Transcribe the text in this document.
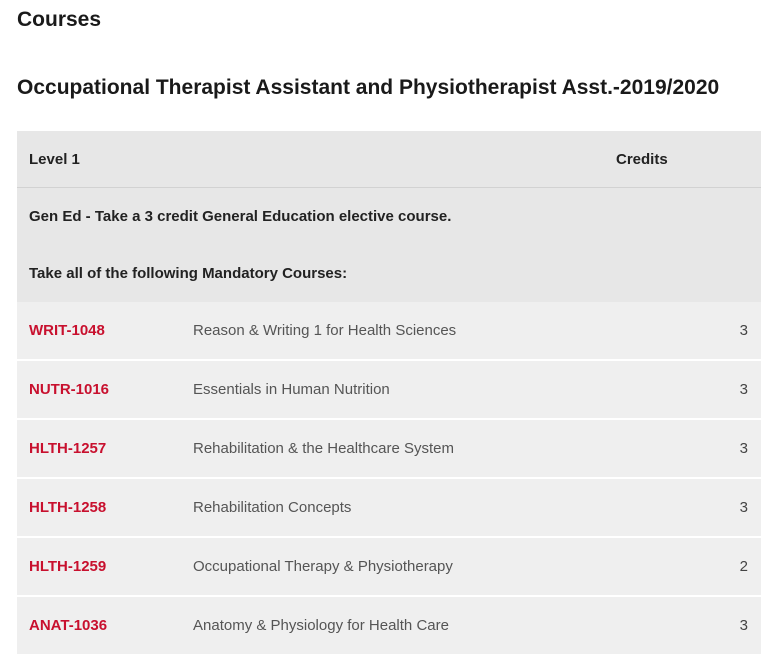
Courses
Occupational Therapist Assistant and Physiotherapist Asst.-2019/2020
Level 1		Credits
Gen Ed - Take a 3 credit General Education elective course.		
Take all of the following Mandatory Courses:		
WRIT-1048	Reason & Writing 1 for Health Sciences	3
NUTR-1016	Essentials in Human Nutrition	3
HLTH-1257	Rehabilitation & the Healthcare System	3
HLTH-1258	Rehabilitation Concepts	3
HLTH-1259	Occupational Therapy & Physiotherapy	2
ANAT-1036	Anatomy & Physiology for Health Care	3
